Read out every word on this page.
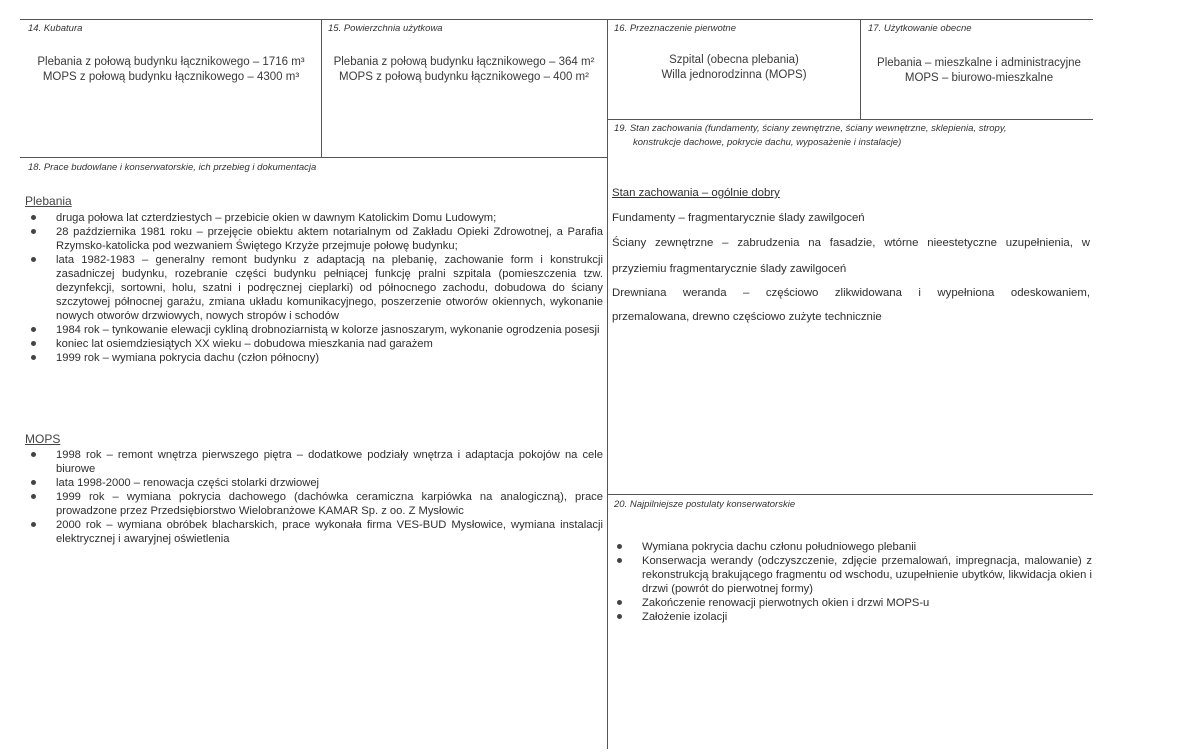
14. Kubatura
Plebania z połową budynku łącznikowego – 1716 m³
MOPS z połową budynku łącznikowego – 4300 m³
15. Powierzchnia użytkowa
Plebania z połową budynku łącznikowego – 364 m²
MOPS z połową budynku łącznikowego – 400 m²
16. Przeznaczenie pierwotne
Szpital (obecna plebania)
Willa jednorodzinna (MOPS)
17. Użytkowanie obecne
Plebania – mieszkalne i administracyjne
MOPS – biurowo-mieszkalne
19. Stan zachowania (fundamenty, ściany zewnętrzne, ściany wewnętrzne, sklepienia, stropy,
konstrukcje dachowe, pokrycie dachu, wyposażenie i instalacje)
Stan zachowania – ogólnie dobry
Fundamenty – fragmentarycznie ślady zawilgoceń
Ściany zewnętrzne – zabrudzenia na fasadzie, wtórne nieestetyczne uzupełnienia, w
przyziemiu fragmentarycznie ślady zawilgoceń
Drewniana weranda – częściowo zlikwidowana i wypełniona odeskowaniem,
przemalowana, drewno częściowo zużyte technicznie
18. Prace budowlane i konserwatorskie, ich przebieg i dokumentacja
Plebania
druga połowa lat czterdziestych – przebicie okien w dawnym Katolickim Domu Ludowym;
28 października 1981 roku – przejęcie obiektu aktem notarialnym od Zakładu Opieki Zdrowotnej, a Parafia Rzymsko-katolicka pod wezwaniem Świętego Krzyże przejmuje połowę budynku;
lata 1982-1983 – generalny remont budynku z adaptacją na plebanię, zachowanie form i konstrukcji zasadniczej budynku, rozebranie części budynku pełniącej funkcję pralni szpitala (pomieszczenia tzw. dezynfekcji, sortowni, holu, szatni i podręcznej cieplarki) od północnego zachodu, dobudowa do ściany szczytowej północnej garażu, zmiana układu komunikacyjnego, poszerzenie otworów okiennych, wykonanie nowych otworów drzwiowych, nowych stropów i schodów
1984 rok – tynkowanie elewacji cykliną drobnoziarnistą w kolorze jasnoszarym, wykonanie ogrodzenia posesji
koniec lat osiemdziesiątych XX wieku – dobudowa mieszkania nad garażem
1999 rok – wymiana pokrycia dachu (człon północny)
MOPS
1998 rok – remont wnętrza pierwszego piętra – dodatkowe podziały wnętrza i adaptacja pokojów na cele biurowe
lata 1998-2000 – renowacja części stolarki drzwiowej
1999 rok – wymiana pokrycia dachowego (dachówka ceramiczna karpiówka na analogiczną), prace prowadzone przez Przedsiębiorstwo Wielobranżowe KAMAR Sp. z oo. Z Mysłowic
2000 rok – wymiana obróbek blacharskich, prace wykonała firma VES-BUD Mysłowice, wymiana instalacji elektrycznej i awaryjnej oświetlenia
20. Najpilniejsze postulaty konserwatorskie
Wymiana pokrycia dachu członu południowego plebanii
Konserwacja werandy (odczyszczenie, zdjęcie przemalowań, impregnacja, malowanie) z rekonstrukcją brakującego fragmentu od wschodu, uzupełnienie ubytków, likwidacja okien i drzwi (powrót do pierwotnej formy)
Zakończenie renowacji pierwotnych okien i drzwi MOPS-u
Założenie izolacji
